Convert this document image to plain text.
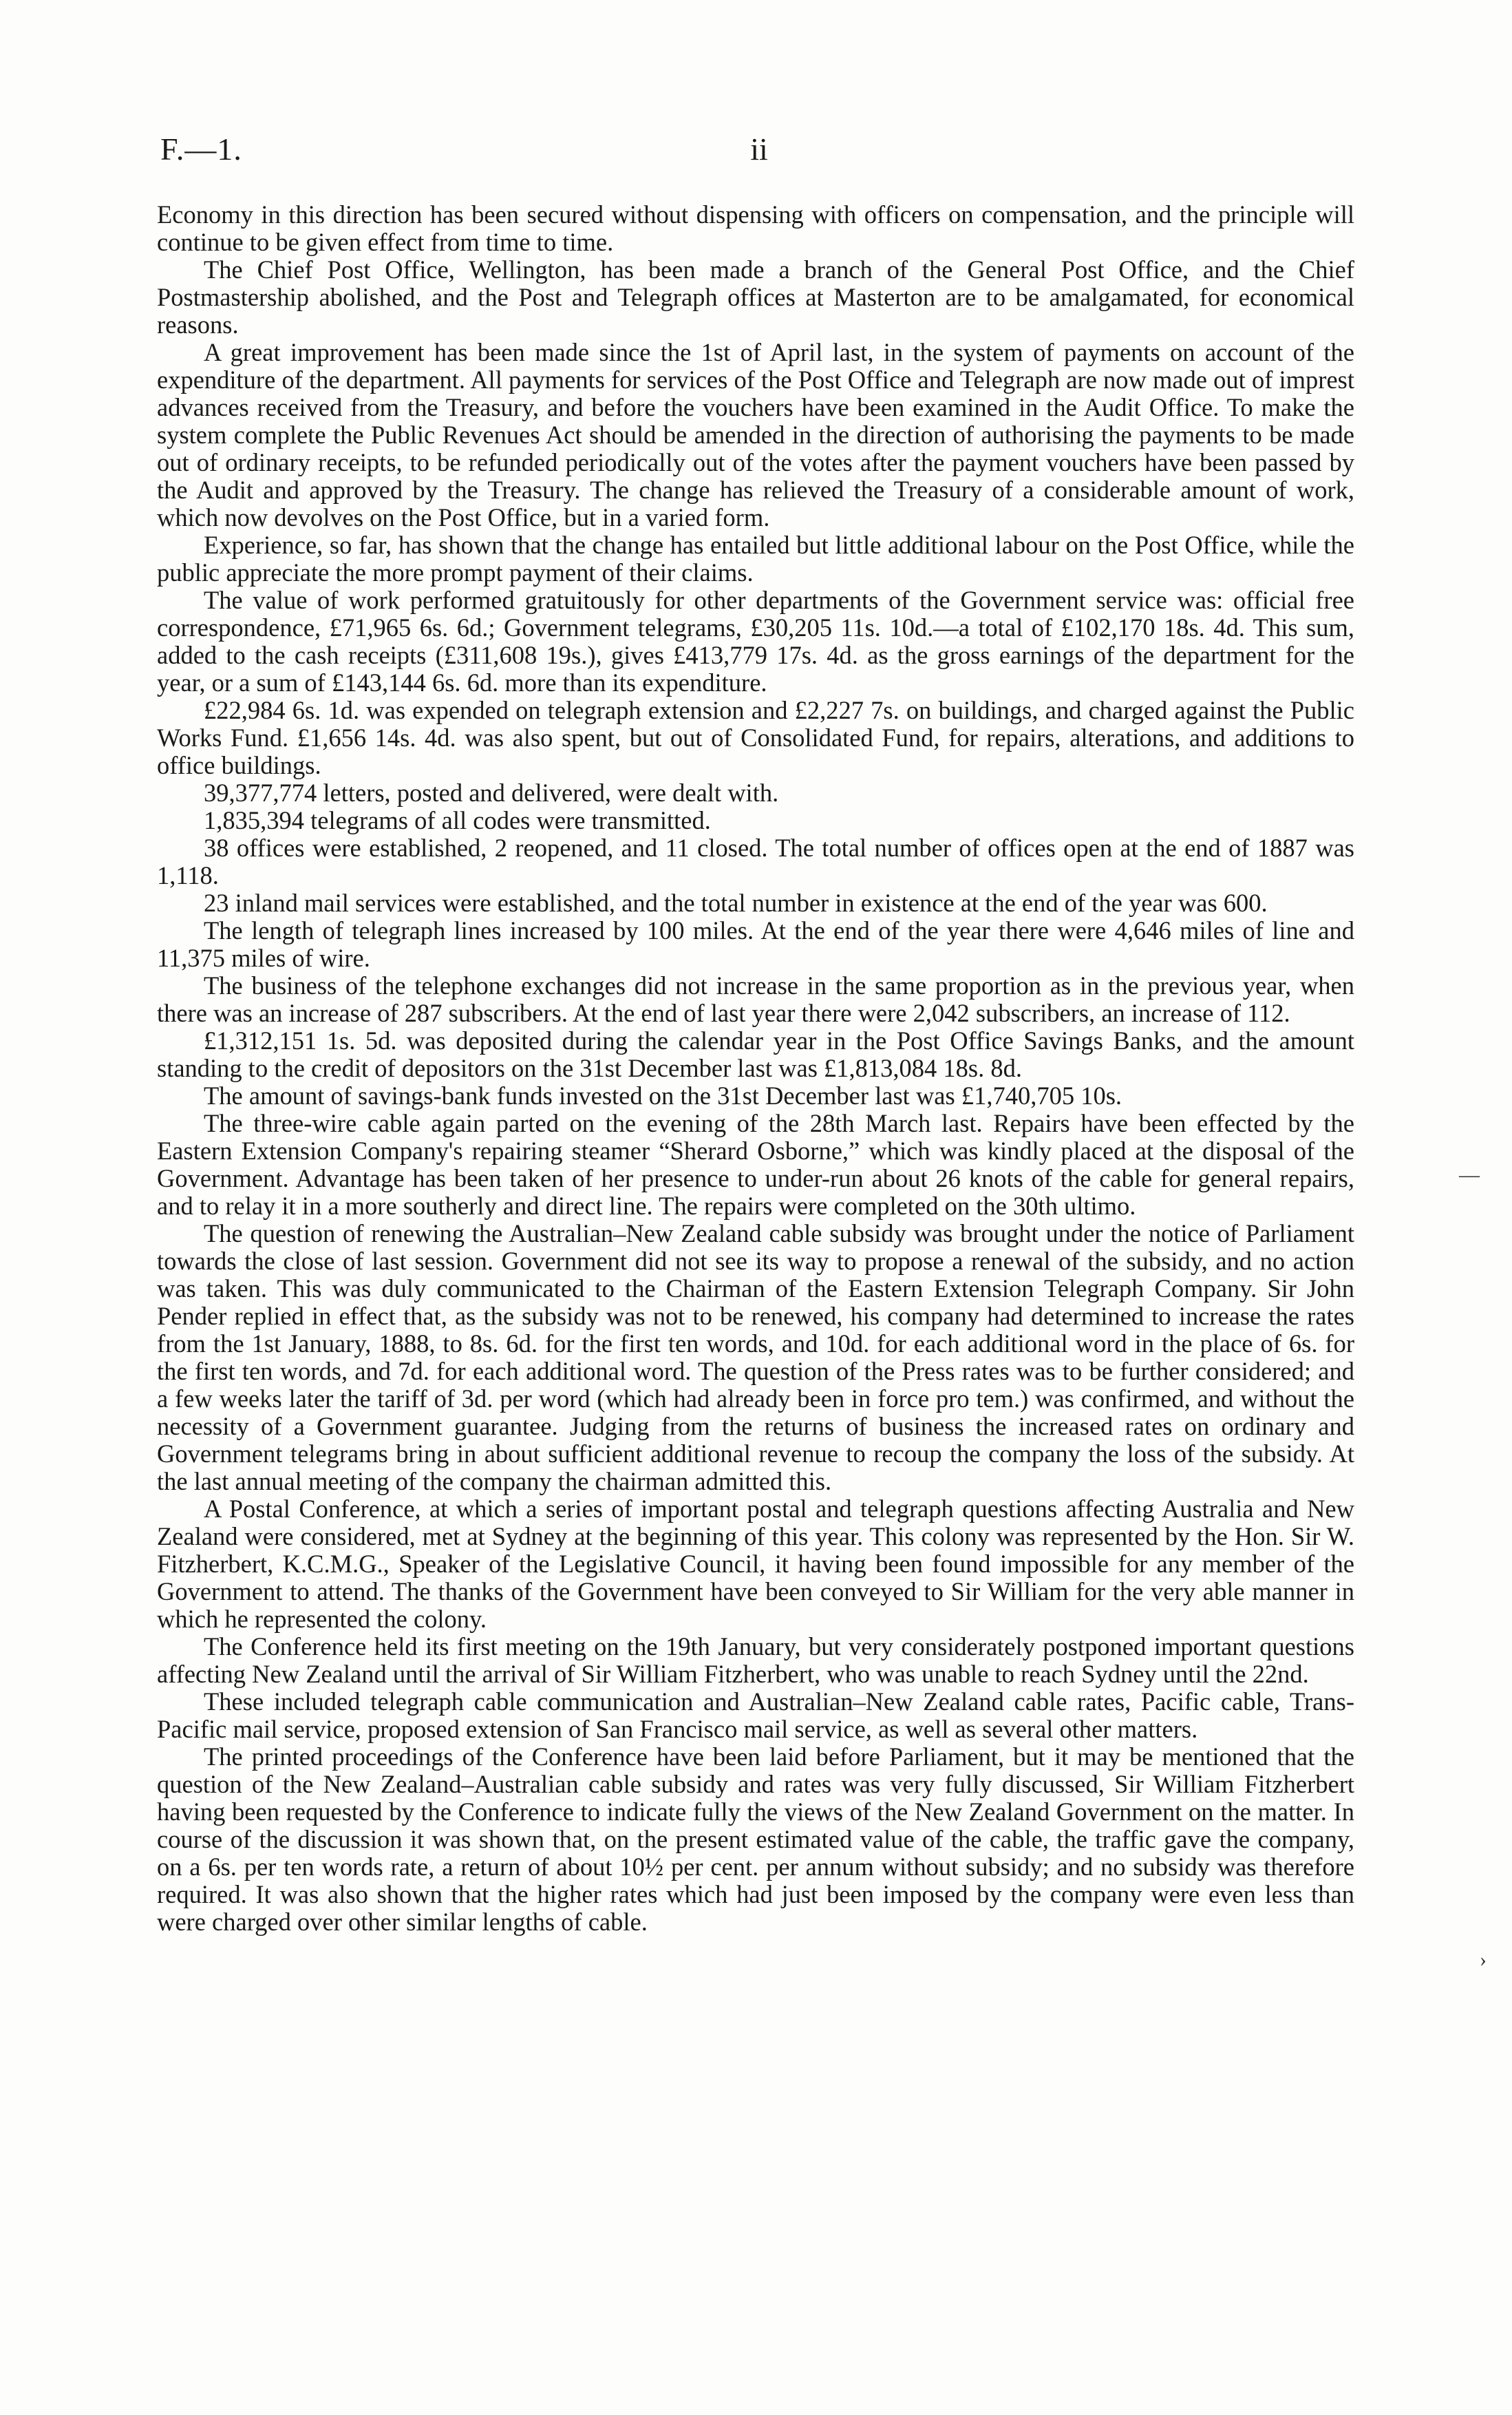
F.—1.	ii

Economy in this direction has been secured without dispensing with officers on compensation, and the principle will continue to be given effect from time to time.

The Chief Post Office, Wellington, has been made a branch of the General Post Office, and the Chief Postmastership abolished, and the Post and Telegraph offices at Masterton are to be amalgamated, for economical reasons.

A great improvement has been made since the 1st of April last, in the system of payments on account of the expenditure of the department. All payments for services of the Post Office and Telegraph are now made out of imprest advances received from the Treasury, and before the vouchers have been examined in the Audit Office. To make the system complete the Public Revenues Act should be amended in the direction of authorising the payments to be made out of ordinary receipts, to be refunded periodically out of the votes after the payment vouchers have been passed by the Audit and approved by the Treasury. The change has relieved the Treasury of a considerable amount of work, which now devolves on the Post Office, but in a varied form.

Experience, so far, has shown that the change has entailed but little additional labour on the Post Office, while the public appreciate the more prompt payment of their claims.

The value of work performed gratuitously for other departments of the Government service was: official free correspondence, £71,965 6s. 6d.; Government telegrams, £30,205 11s. 10d.—a total of £102,170 18s. 4d. This sum, added to the cash receipts (£311,608 19s.), gives £413,779 17s. 4d. as the gross earnings of the department for the year, or a sum of £143,144 6s. 6d. more than its expenditure.

£22,984 6s. 1d. was expended on telegraph extension and £2,227 7s. on buildings, and charged against the Public Works Fund. £1,656 14s. 4d. was also spent, but out of Consolidated Fund, for repairs, alterations, and additions to office buildings.

39,377,774 letters, posted and delivered, were dealt with.

1,835,394 telegrams of all codes were transmitted.

38 offices were established, 2 reopened, and 11 closed. The total number of offices open at the end of 1887 was 1,118.

23 inland mail services were established, and the total number in existence at the end of the year was 600.

The length of telegraph lines increased by 100 miles. At the end of the year there were 4,646 miles of line and 11,375 miles of wire.

The business of the telephone exchanges did not increase in the same proportion as in the previous year, when there was an increase of 287 subscribers. At the end of last year there were 2,042 subscribers, an increase of 112.

£1,312,151 1s. 5d. was deposited during the calendar year in the Post Office Savings Banks, and the amount standing to the credit of depositors on the 31st December last was £1,813,084 18s. 8d.

The amount of savings-bank funds invested on the 31st December last was £1,740,705 10s.

The three-wire cable again parted on the evening of the 28th March last. Repairs have been effected by the Eastern Extension Company's repairing steamer “Sherard Osborne,” which was kindly placed at the disposal of the Government. Advantage has been taken of her presence to under-run about 26 knots of the cable for general repairs, and to relay it in a more southerly and direct line. The repairs were completed on the 30th ultimo.

The question of renewing the Australian–New Zealand cable subsidy was brought under the notice of Parliament towards the close of last session. Government did not see its way to propose a renewal of the subsidy, and no action was taken. This was duly communicated to the Chairman of the Eastern Extension Telegraph Company. Sir John Pender replied in effect that, as the subsidy was not to be renewed, his company had determined to increase the rates from the 1st January, 1888, to 8s. 6d. for the first ten words, and 10d. for each additional word in the place of 6s. for the first ten words, and 7d. for each additional word. The question of the Press rates was to be further considered; and a few weeks later the tariff of 3d. per word (which had already been in force pro tem.) was confirmed, and without the necessity of a Government guarantee. Judging from the returns of business the increased rates on ordinary and Government telegrams bring in about sufficient additional revenue to recoup the company the loss of the subsidy. At the last annual meeting of the company the chairman admitted this.

A Postal Conference, at which a series of important postal and telegraph questions affecting Australia and New Zealand were considered, met at Sydney at the beginning of this year. This colony was represented by the Hon. Sir W. Fitzherbert, K.C.M.G., Speaker of the Legislative Council, it having been found impossible for any member of the Government to attend. The thanks of the Government have been conveyed to Sir William for the very able manner in which he represented the colony.

The Conference held its first meeting on the 19th January, but very considerately postponed important questions affecting New Zealand until the arrival of Sir William Fitzherbert, who was unable to reach Sydney until the 22nd.

These included telegraph cable communication and Australian–New Zealand cable rates, Pacific cable, Trans-Pacific mail service, proposed extension of San Francisco mail service, as well as several other matters.

The printed proceedings of the Conference have been laid before Parliament, but it may be mentioned that the question of the New Zealand–Australian cable subsidy and rates was very fully discussed, Sir William Fitzherbert having been requested by the Conference to indicate fully the views of the New Zealand Government on the matter. In course of the discussion it was shown that, on the present estimated value of the cable, the traffic gave the company, on a 6s. per ten words rate, a return of about 10½ per cent. per annum without subsidy; and no subsidy was therefore required. It was also shown that the higher rates which had just been imposed by the company were even less than were charged over other similar lengths of cable.

—
›
